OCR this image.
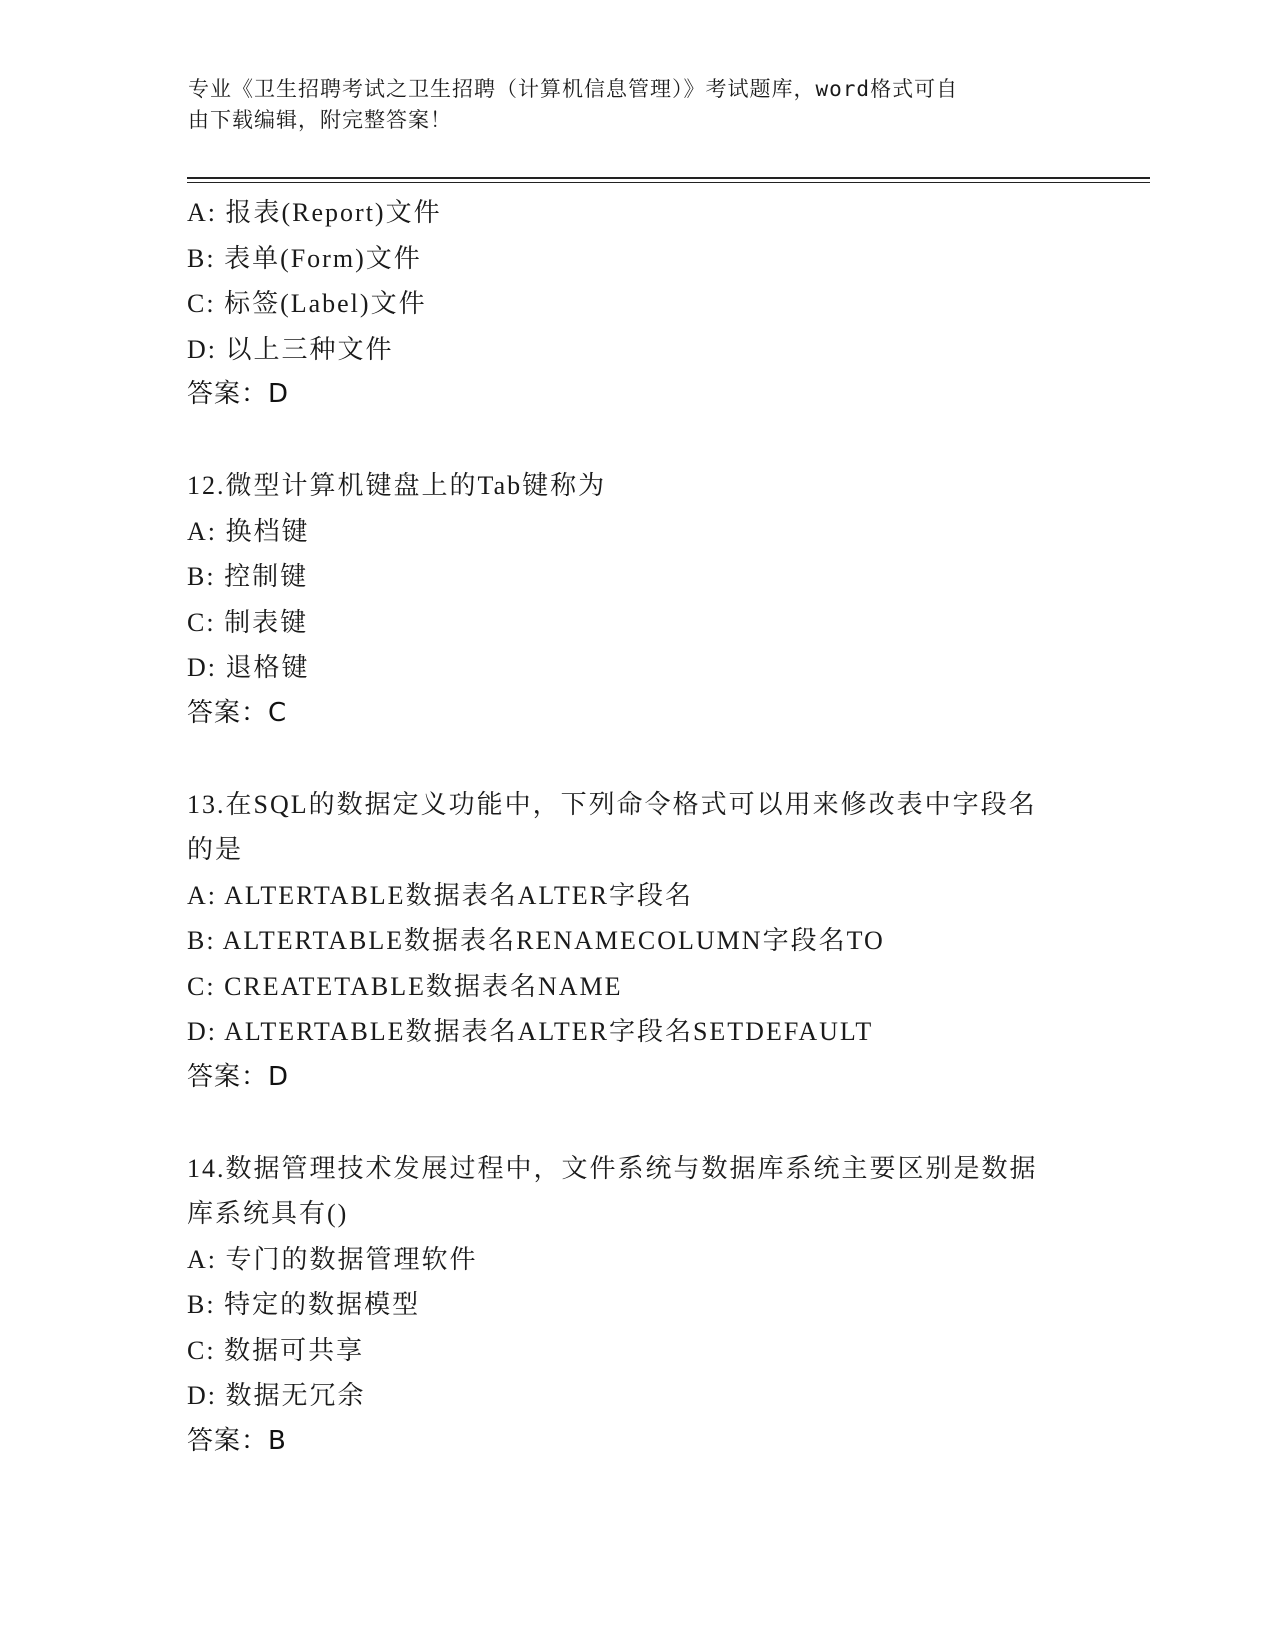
专业《卫生招聘考试之卫生招聘（计算机信息管理）》考试题库，word格式可自
由下载编辑，附完整答案！
A: 报表(Report)文件
B: 表单(Form)文件
C: 标签(Label)文件
D: 以上三种文件
答案：D
12.微型计算机键盘上的Tab键称为
A: 换档键
B: 控制键
C: 制表键
D: 退格键
答案：C
13.在SQL的数据定义功能中，下列命令格式可以用来修改表中字段名
的是
A: ALTERTABLE数据表名ALTER字段名
B: ALTERTABLE数据表名RENAMECOLUMN字段名TO
C: CREATETABLE数据表名NAME
D: ALTERTABLE数据表名ALTER字段名SETDEFAULT
答案：D
14.数据管理技术发展过程中，文件系统与数据库系统主要区别是数据
库系统具有()
A: 专门的数据管理软件
B: 特定的数据模型
C: 数据可共享
D: 数据无冗余
答案：B
